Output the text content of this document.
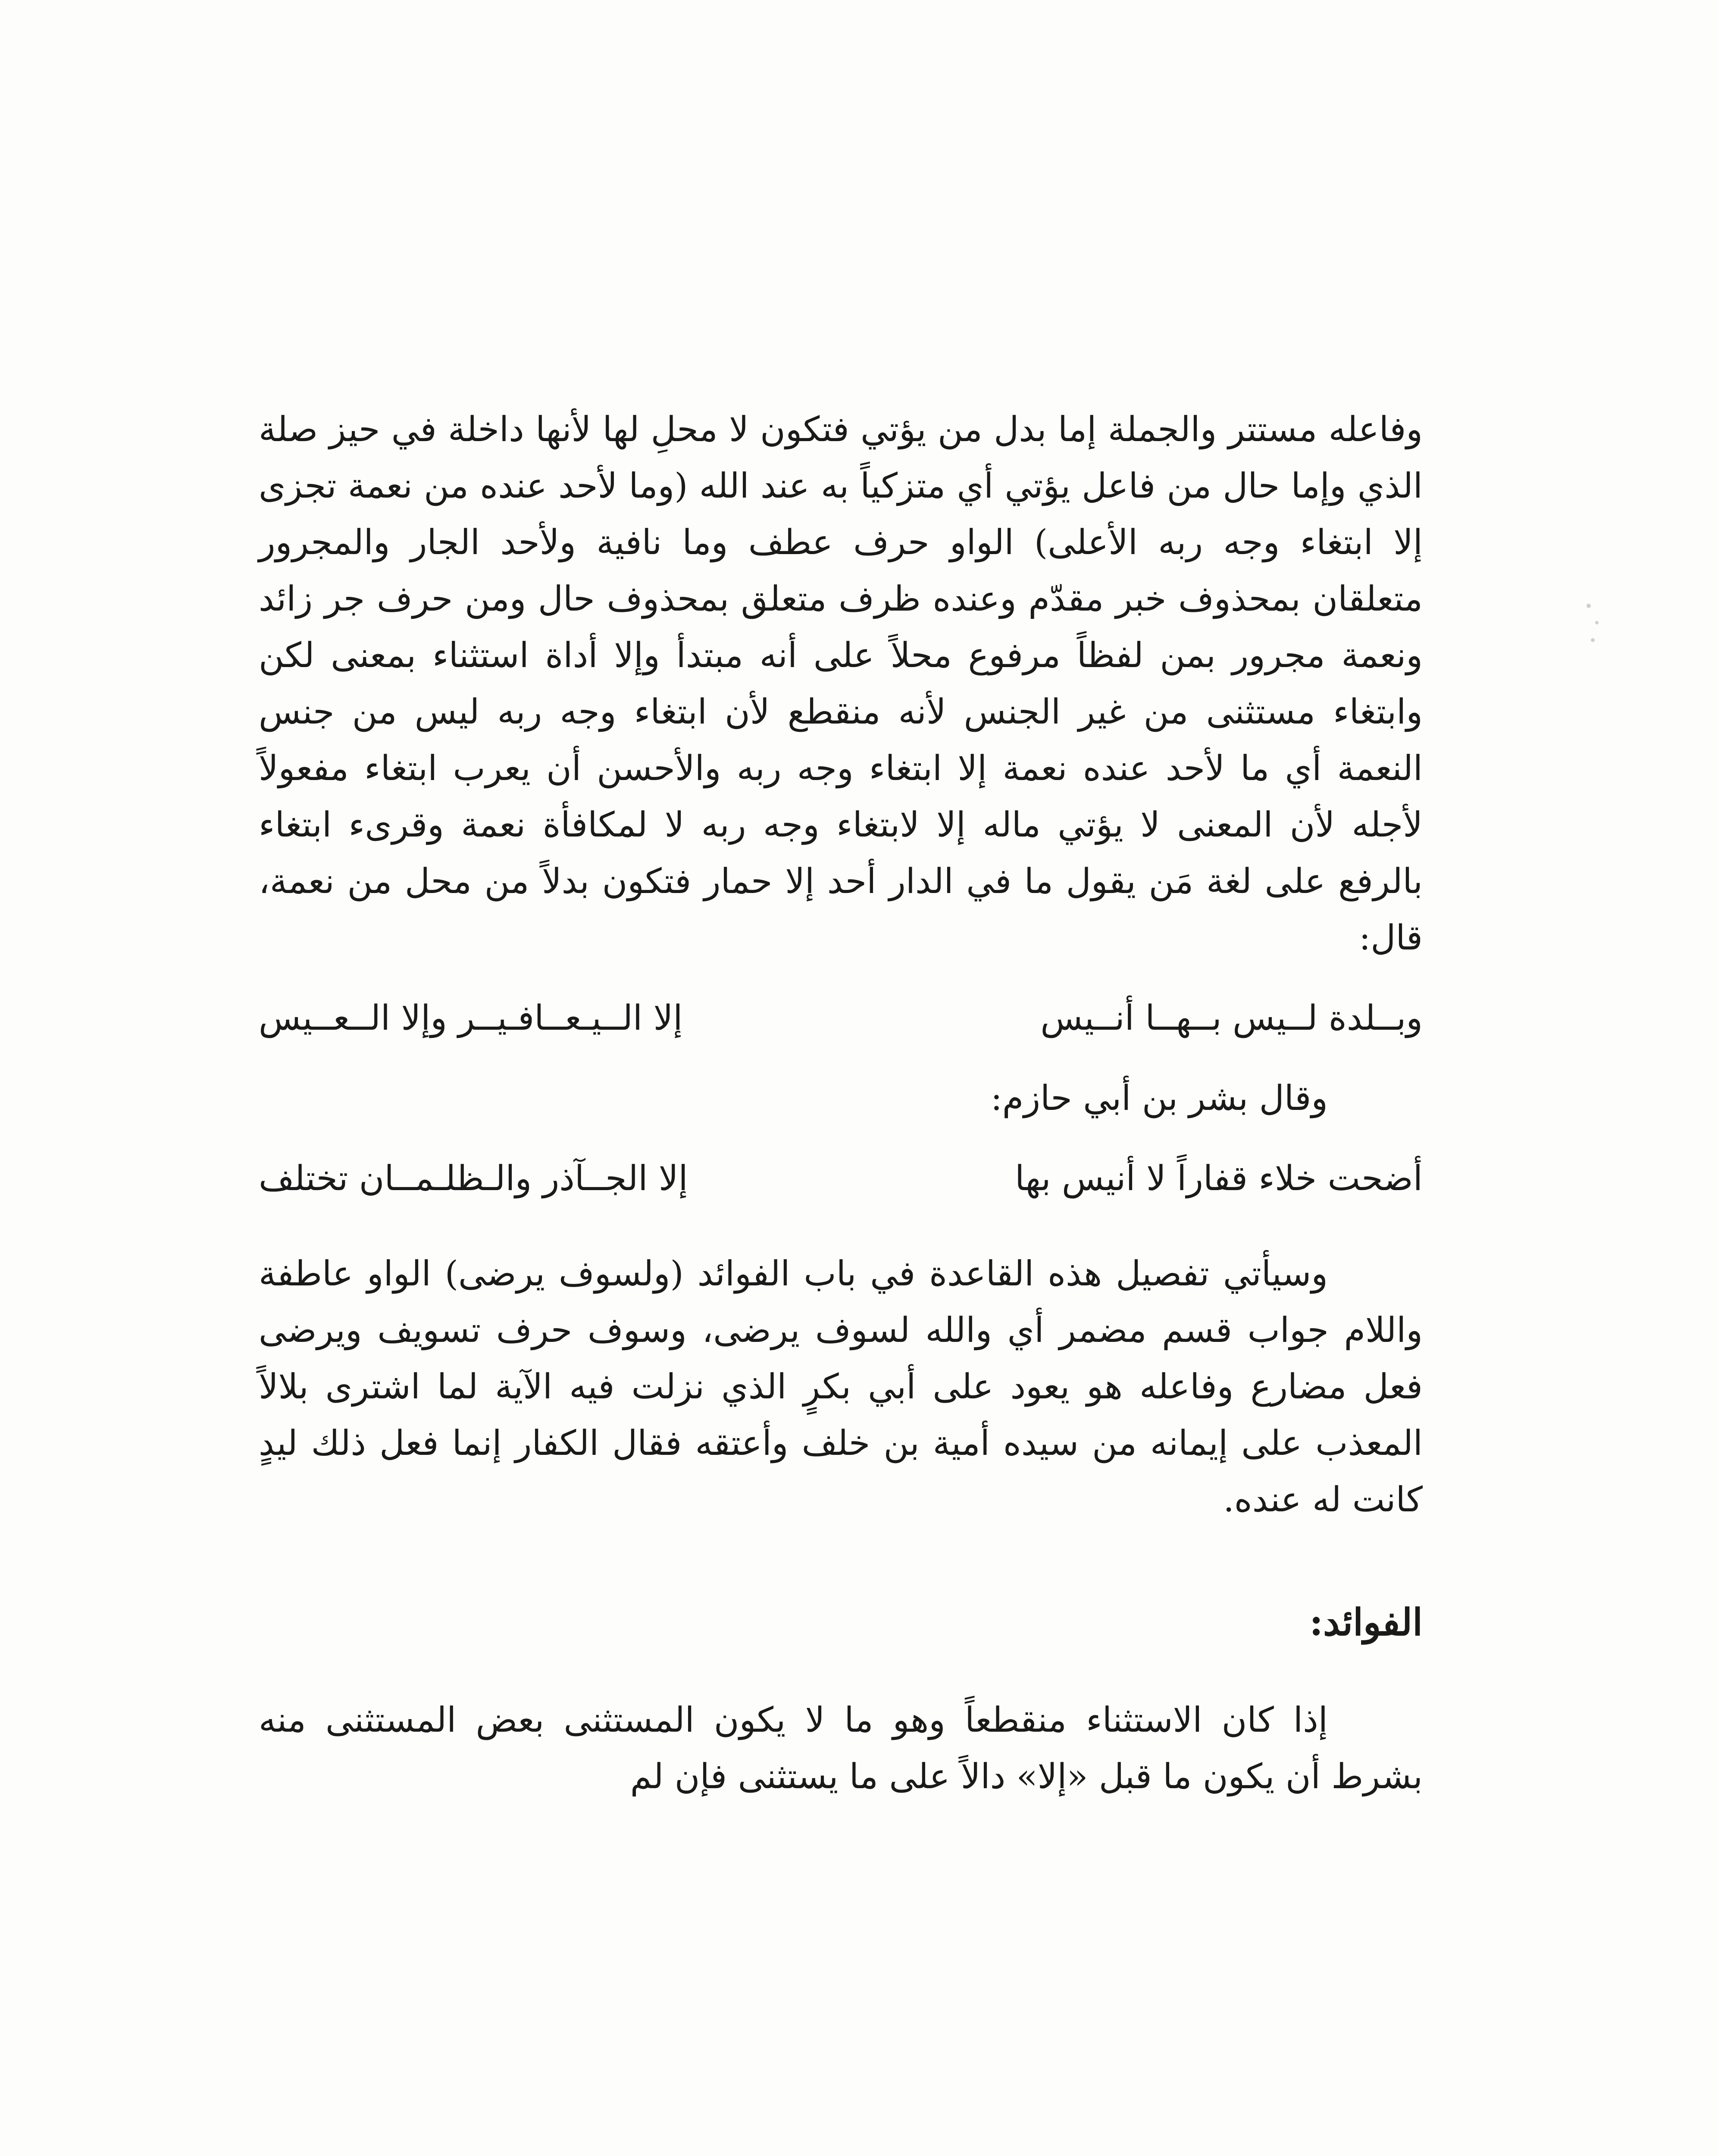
وفاعله مستتر والجملة إما بدل من يؤتي فتكون لا محلِ لها لأنها داخلة في حيز صلة الذي وإما حال من فاعل يؤتي أي متزكياً به عند الله (وما لأحد عنده من نعمة تجزى إلا ابتغاء وجه ربه الأعلى) الواو حرف عطف وما نافية ولأحد الجار والمجرور متعلقان بمحذوف خبر مقدّم وعنده ظرف متعلق بمحذوف حال ومن حرف جر زائد ونعمة مجرور بمن لفظاً مرفوع محلاً على أنه مبتدأ وإلا أداة استثناء بمعنى لكن وابتغاء مستثنى من غير الجنس لأنه منقطع لأن ابتغاء وجه ربه ليس من جنس النعمة أي ما لأحد عنده نعمة إلا ابتغاء وجه ربه والأحسن أن يعرب ابتغاء مفعولاً لأجله لأن المعنى لا يؤتي ماله إلا لابتغاء وجه ربه لا لمكافأة نعمة وقرىء ابتغاء بالرفع على لغة مَن يقول ما في الدار أحد إلا حمار فتكون بدلاً من محل من نعمة، قال:

وبــلدة لــيس بــهــا أنــيس
إلا الــيـعــافـيــر وإلا الــعــيس

وقال بشر بن أبي حازم:

أضحت خلاء قفاراً لا أنيس بها
إلا الجــآذر والـظلـمــان تختلف

وسيأتي تفصيل هذه القاعدة في باب الفوائد (ولسوف يرضى) الواو عاطفة واللام جواب قسم مضمر أي والله لسوف يرضى، وسوف حرف تسويف ويرضى فعل مضارع وفاعله هو يعود على أبي بكرٍ الذي نزلت فيه الآية لما اشترى بلالاً المعذب على إيمانه من سيده أمية بن خلف وأعتقه فقال الكفار إنما فعل ذلك ليدٍ كانت له عنده.

الفوائد:

إذا كان الاستثناء منقطعاً وهو ما لا يكون المستثنى بعض المستثنى منه بشرط أن يكون ما قبل «إلا» دالاً على ما يستثنى فإن لم
